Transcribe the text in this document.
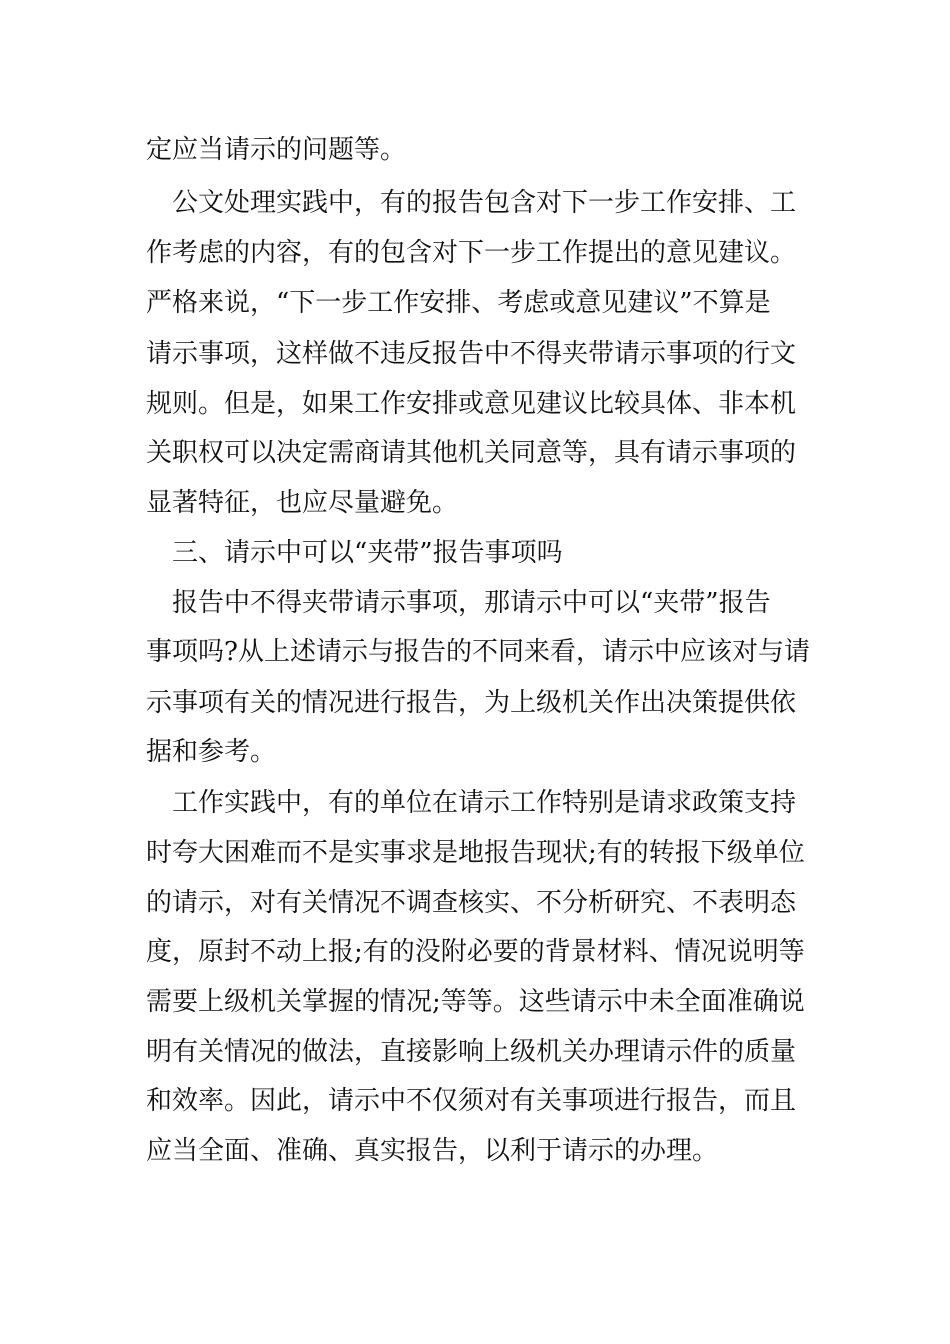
定应当请示的问题等。
　公文处理实践中，有的报告包含对下一步工作安排、工
作考虑的内容，有的包含对下一步工作提出的意见建议。
严格来说，“下一步工作安排、考虑或意见建议”不算是
请示事项，这样做不违反报告中不得夹带请示事项的行文
规则。但是，如果工作安排或意见建议比较具体、非本机
关职权可以决定需商请其他机关同意等，具有请示事项的
显著特征，也应尽量避免。
　三、请示中可以“夹带”报告事项吗
　报告中不得夹带请示事项，那请示中可以“夹带”报告
事项吗?从上述请示与报告的不同来看，请示中应该对与请
示事项有关的情况进行报告，为上级机关作出决策提供依
据和参考。
　工作实践中，有的单位在请示工作特别是请求政策支持
时夸大困难而不是实事求是地报告现状;有的转报下级单位
的请示，对有关情况不调查核实、不分析研究、不表明态
度，原封不动上报;有的没附必要的背景材料、情况说明等
需要上级机关掌握的情况;等等。这些请示中未全面准确说
明有关情况的做法，直接影响上级机关办理请示件的质量
和效率。因此，请示中不仅须对有关事项进行报告，而且
应当全面、准确、真实报告，以利于请示的办理。
